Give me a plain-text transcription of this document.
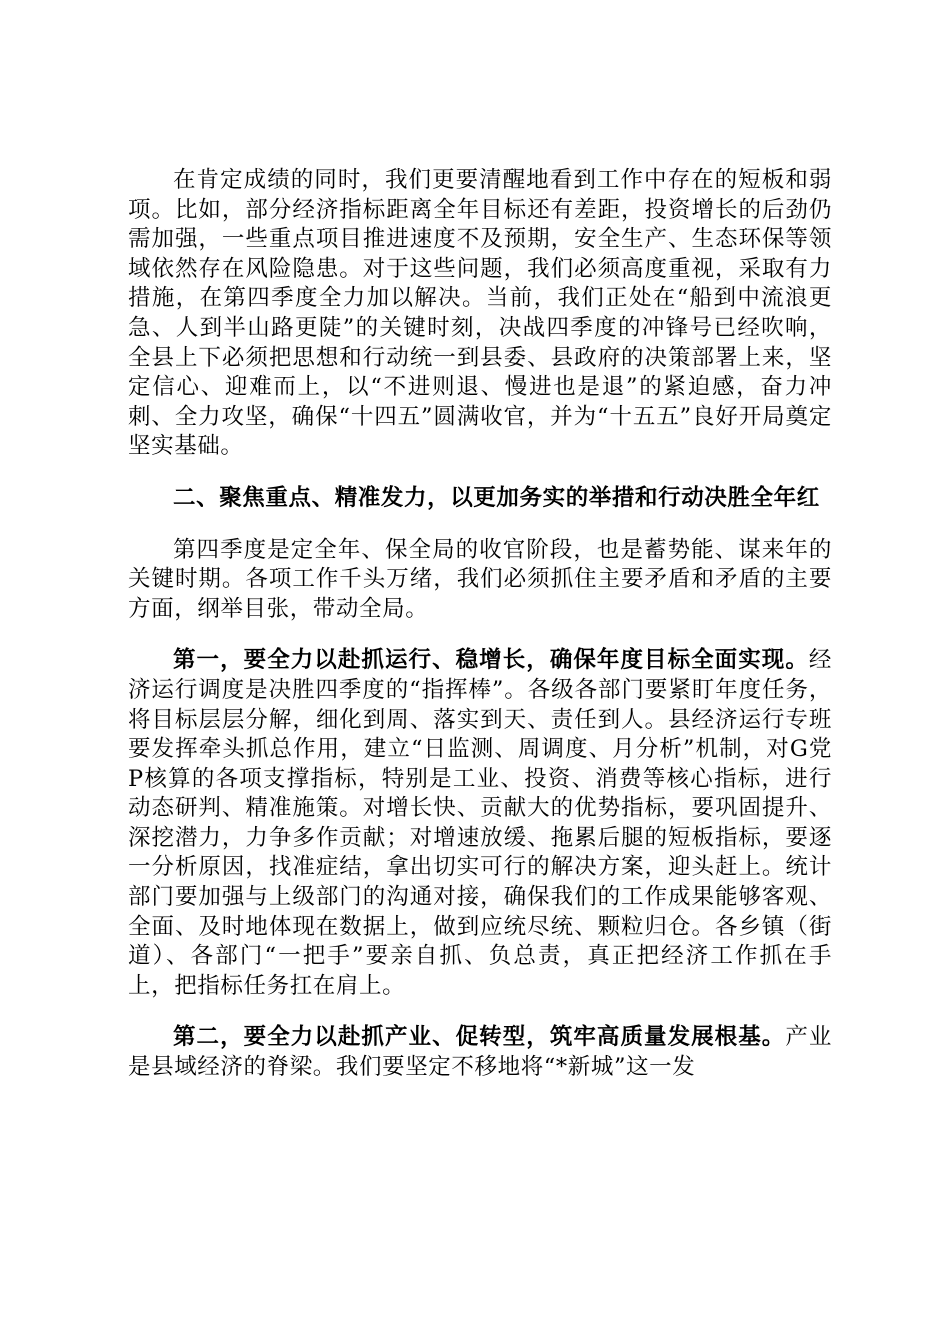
在肯定成绩的同时，我们更要清醒地看到工作中存在的短板和弱项。比如，部分经济指标距离全年目标还有差距，投资增长的后劲仍需加强，一些重点项目推进速度不及预期，安全生产、生态环保等领域依然存在风险隐患。对于这些问题，我们必须高度重视，采取有力措施，在第四季度全力加以解决。当前，我们正处在“船到中流浪更急、人到半山路更陡”的关键时刻，决战四季度的冲锋号已经吹响，全县上下必须把思想和行动统一到县委、县政府的决策部署上来，坚定信心、迎难而上，以“不进则退、慢进也是退”的紧迫感，奋力冲刺、全力攻坚，确保“十四五”圆满收官，并为“十五五”良好开局奠定坚实基础。

二、聚焦重点、精准发力，以更加务实的举措和行动决胜全年红

第四季度是定全年、保全局的收官阶段，也是蓄势能、谋来年的关键时期。各项工作千头万绪，我们必须抓住主要矛盾和矛盾的主要方面，纲举目张，带动全局。

第一，要全力以赴抓运行、稳增长，确保年度目标全面实现。经济运行调度是决胜四季度的“指挥棒”。各级各部门要紧盯年度任务，将目标层层分解，细化到周、落实到天、责任到人。县经济运行专班要发挥牵头抓总作用，建立“日监测、周调度、月分析”机制，对G党P核算的各项支撑指标，特别是工业、投资、消费等核心指标，进行动态研判、精准施策。对增长快、贡献大的优势指标，要巩固提升、深挖潜力，力争多作贡献；对增速放缓、拖累后腿的短板指标，要逐一分析原因，找准症结，拿出切实可行的解决方案，迎头赶上。统计部门要加强与上级部门的沟通对接，确保我们的工作成果能够客观、全面、及时地体现在数据上，做到应统尽统、颗粒归仓。各乡镇（街道）、各部门“一把手”要亲自抓、负总责，真正把经济工作抓在手上，把指标任务扛在肩上。

第二，要全力以赴抓产业、促转型，筑牢高质量发展根基。产业是县域经济的脊梁。我们要坚定不移地将“*新城”这一发
